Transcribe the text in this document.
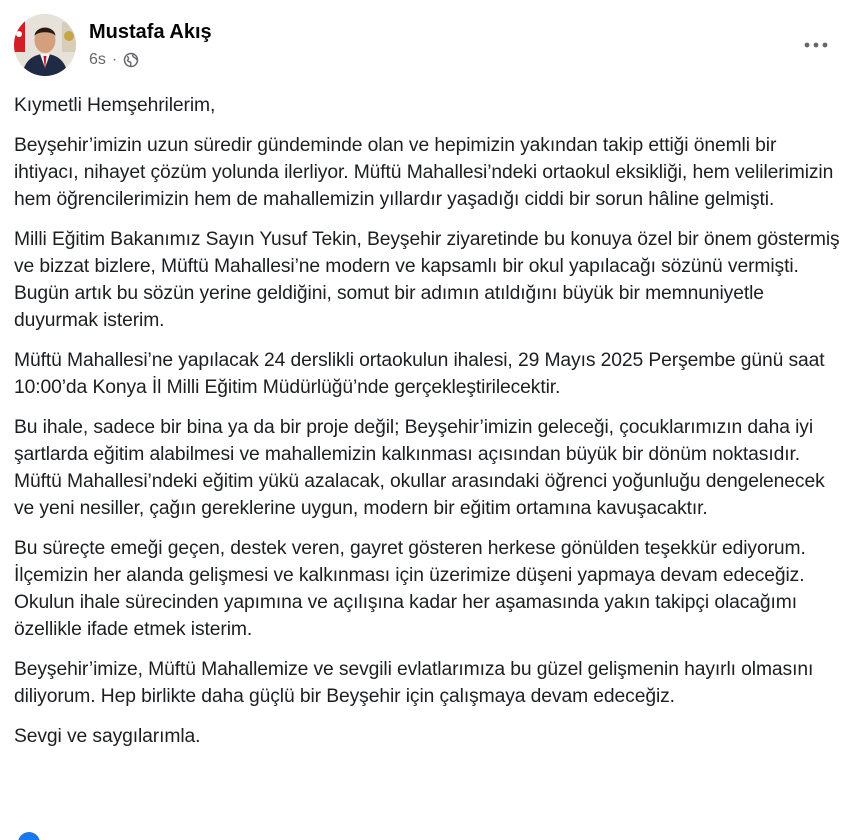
Mustafa Akış
6s ·

Kıymetli Hemşehrilerim,

Beyşehir’imizin uzun süredir gündeminde olan ve hepimizin yakından takip ettiği önemli bir ihtiyacı, nihayet çözüm yolunda ilerliyor. Müftü Mahallesi’ndeki ortaokul eksikliği, hem velilerimizin hem öğrencilerimizin hem de mahallemizin yıllardır yaşadığı ciddi bir sorun hâline gelmişti.

Milli Eğitim Bakanımız Sayın Yusuf Tekin, Beyşehir ziyaretinde bu konuya özel bir önem göstermiş ve bizzat bizlere, Müftü Mahallesi’ne modern ve kapsamlı bir okul yapılacağı sözünü vermişti. Bugün artık bu sözün yerine geldiğini, somut bir adımın atıldığını büyük bir memnuniyetle duyurmak isterim.

Müftü Mahallesi’ne yapılacak 24 derslikli ortaokulun ihalesi, 29 Mayıs 2025 Perşembe günü saat 10:00’da Konya İl Milli Eğitim Müdürlüğü’nde gerçekleştirilecektir.

Bu ihale, sadece bir bina ya da bir proje değil; Beyşehir’imizin geleceği, çocuklarımızın daha iyi şartlarda eğitim alabilmesi ve mahallemizin kalkınması açısından büyük bir dönüm noktasıdır. Müftü Mahallesi’ndeki eğitim yükü azalacak, okullar arasındaki öğrenci yoğunluğu dengelenecek ve yeni nesiller, çağın gereklerine uygun, modern bir eğitim ortamına kavuşacaktır.

Bu süreçte emeği geçen, destek veren, gayret gösteren herkese gönülden teşekkür ediyorum. İlçemizin her alanda gelişmesi ve kalkınması için üzerimize düşeni yapmaya devam edeceğiz. Okulun ihale sürecinden yapımına ve açılışına kadar her aşamasında yakın takipçi olacağımı özellikle ifade etmek isterim.

Beyşehir’imize, Müftü Mahallemize ve sevgili evlatlarımıza bu güzel gelişmenin hayırlı olmasını diliyorum. Hep birlikte daha güçlü bir Beyşehir için çalışmaya devam edeceğiz.

Sevgi ve saygılarımla.
